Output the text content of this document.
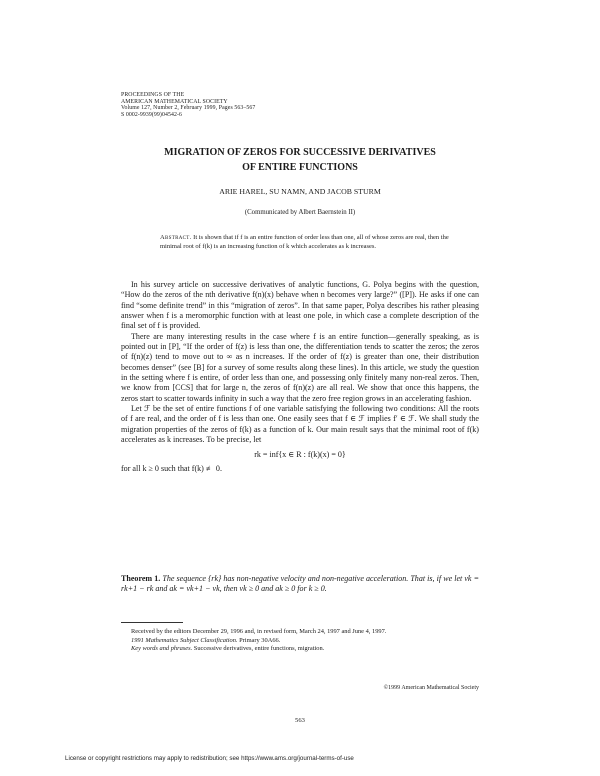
PROCEEDINGS OF THE
AMERICAN MATHEMATICAL SOCIETY
Volume 127, Number 2, February 1999, Pages 563–567
S 0002-9939(99)04542-6
MIGRATION OF ZEROS FOR SUCCESSIVE DERIVATIVES
OF ENTIRE FUNCTIONS
ARIE HAREL, SU NAMN, AND JACOB STURM
(Communicated by Albert Baernstein II)
Abstract. It is shown that if f is an entire function of order less than one, all of whose zeros are real, then the minimal root of f(k) is an increasing function of k which accelerates as k increases.

In his survey article on successive derivatives of analytic functions, G. Polya begins with the question, “How do the zeros of the nth derivative f(n)(x) behave when n becomes very large?” ([P]). He asks if one can find “some definite trend” in this “migration of zeros”. In that same paper, Polya describes his rather pleasing answer when f is a meromorphic function with at least one pole, in which case a complete description of the final set of f is provided.

There are many interesting results in the case where f is an entire function—generally speaking, as is pointed out in [P], “If the order of f(z) is less than one, the differentiation tends to scatter the zeros; the zeros of f(n)(z) tend to move out to ∞ as n increases. If the order of f(z) is greater than one, their distribution becomes denser” (see [B] for a survey of some results along these lines). In this article, we study the question in the setting where f is entire, of order less than one, and possessing only finitely many non-real zeros. Then, we know from [CCS] that for large n, the zeros of f(n)(z) are all real. We show that once this happens, the zeros start to scatter towards infinity in such a way that the zero free region grows in an accelerating fashion.

Let ℱ be the set of entire functions f of one variable satisfying the following two conditions: All the roots of f are real, and the order of f is less than one. One easily sees that f ∈ ℱ implies f′ ∈ ℱ. We shall study the migration properties of the zeros of f(k) as a function of k. Our main result says that the minimal root of f(k) accelerates as k increases. To be precise, let

rk = inf{x ∈ R : f(k)(x) = 0}

for all k ≥ 0 such that f(k) ≢ 0.

Theorem 1. The sequence {rk} has non-negative velocity and non-negative acceleration. That is, if we let vk = rk+1 − rk and ak = vk+1 − vk, then vk ≥ 0 and ak ≥ 0 for k ≥ 0.

Received by the editors December 29, 1996 and, in revised form, March 24, 1997 and June 4, 1997.

1991 Mathematics Subject Classification. Primary 30A66.

Key words and phrases. Successive derivatives, entire functions, migration.

©1999 American Mathematical Society
563
License or copyright restrictions may apply to redistribution; see https://www.ams.org/journal-terms-of-use
